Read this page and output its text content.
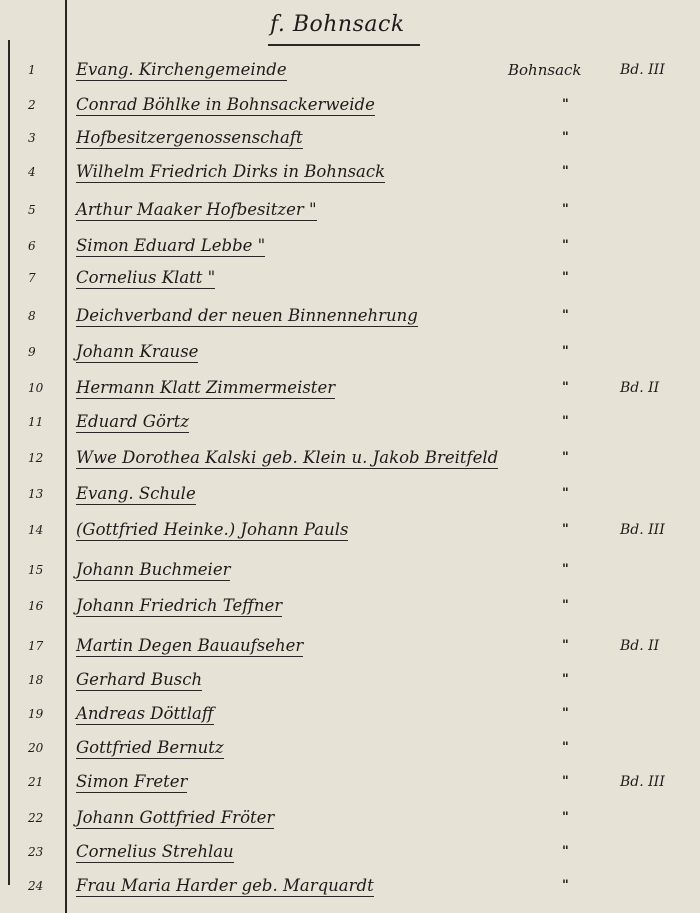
f. Bohnsack
1	Evang. Kirchengemeinde	Bohnsack	Bd. III
2	Conrad Böhlke in Bohnsackerweide	"
3	Hofbesitzergenossenschaft	"
4	Wilhelm Friedrich Dirks in Bohnsack	"
5	Arthur Maaker Hofbesitzer "	"
6	Simon Eduard Lebbe "	"
7	Cornelius Klatt "	"
8	Deichverband der neuen Binnennehrung	"
9	Johann Krause	"
10	Hermann Klatt Zimmermeister	"	Bd. II
11	Eduard Görtz	"
12	Wwe Dorothea Kalski geb. Klein u. Jakob Breitfeld	"
13	Evang. Schule	"
14	(Gottfried Heinke.) Johann Pauls	"	Bd. III
15	Johann Buchmeier	"
16	Johann Friedrich Teffner	"
17	Martin Degen Bauaufseher	"	Bd. II
18	Gerhard Busch	"
19	Andreas Döttlaff	"
20	Gottfried Bernutz	"
21	Simon Freter	"	Bd. III
22	Johann Gottfried Fröter	"
23	Cornelius Strehlau	"
24	Frau Maria Harder geb. Marquardt	"
